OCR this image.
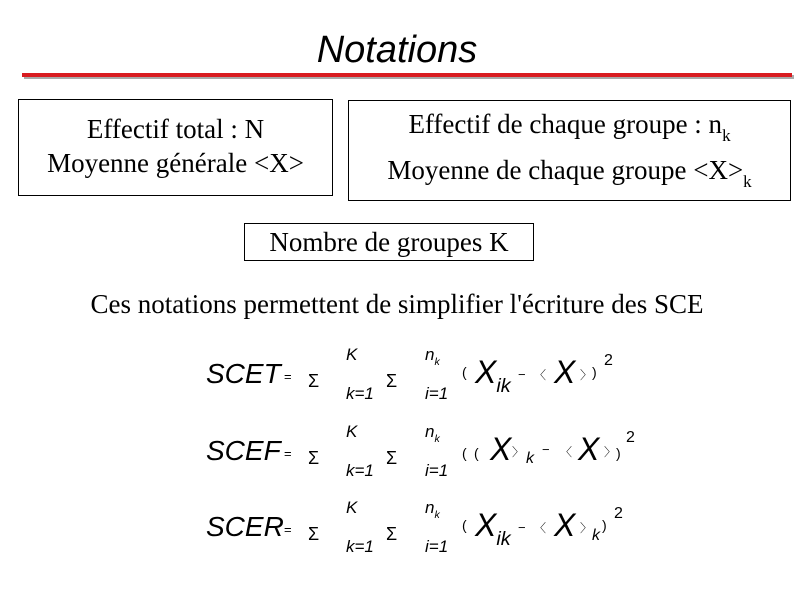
Notations
Effectif total : N
Moyenne générale <X>
Effectif de chaque groupe : $n_k$
Moyenne de chaque groupe $<X>_k$
Nombre de groupes K
Ces notations permettent de simplifier l'écriture des SCE
SCET = Σ
K
k=1
Σ
$n_k$
i=1
( $X_{ik}$
− 〈 X 〉 )
2
SCEF = Σ
K
k=1
Σ
$n_k$
i=1
( ( X 〉 k
− 〈 X 〉 )
2
SCER = Σ
K
k=1
Σ
$n_k$
i=1
( $X_{ik}$
− 〈 X 〉 k
)
2
